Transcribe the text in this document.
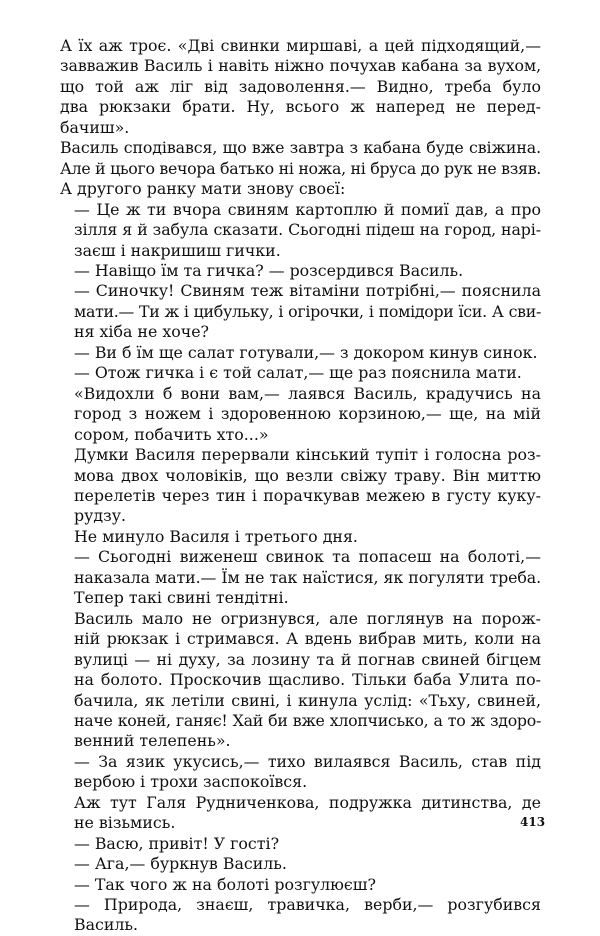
А їх аж троє. «Дві свинки миршаві, а цей підходящий,—
завважив Василь і навіть ніжно почухав кабана за вухом,
що той аж ліг від задоволення.— Видно, треба було
два рюкзаки брати. Ну, всього ж наперед не перед-
бачиш».
Василь сподівався, що вже завтра з кабана буде свіжина.
Але й цього вечора батько ні ножа, ні бруса до рук не взяв.
А другого ранку мати знову своєї:
— Це ж ти вчора свиням картоплю й помиї дав, а про
зілля я й забула сказати. Сьогодні підеш на город, нарі-
заєш і накришиш гички.
— Навіщо їм та гичка? — розсердився Василь.
— Синочку! Свиням теж вітаміни потрібні,— пояснила
мати.— Ти ж і цибульку, і огірочки, і помідори їси. А сви-
ня хіба не хоче?
— Ви б їм ще салат готували,— з докором кинув синок.
— Отож гичка і є той салат,— ще раз пояснила мати.
«Видохли б вони вам,— лаявся Василь, крадучись на
город з ножем і здоровенною корзиною,— ще, на мій
сором, побачить хто...»
Думки Василя перервали кінський тупіт і голосна роз-
мова двох чоловіків, що везли свіжу траву. Він миттю
перелетів через тин і порачкував межею в густу куку-
рудзу.
Не минуло Василя і третього дня.
— Сьогодні виженеш свинок та попасеш на болоті,—
наказала мати.— Їм не так наїстися, як погуляти треба.
Тепер такі свині тендітні.
Василь мало не огризнувся, але поглянув на порож-
ній рюкзак і стримався. А вдень вибрав мить, коли на
вулиці — ні духу, за лозину та й погнав свиней бігцем
на болото. Проскочив щасливо. Тільки баба Улита по-
бачила, як летіли свині, і кинула услід: «Тьху, свиней,
наче коней, ганяє! Хай би вже хлопчисько, а то ж здоро-
венний телепень».
— За язик укусись,— тихо вилаявся Василь, став під
вербою і трохи заспокоївся.
Аж тут Галя Рудниченкова, подружка дитинства, де
не візьмись.
— Васю, привіт! У гості?
— Ага,— буркнув Василь.
— Так чого ж на болоті розгулюєш?
— Природа, знаєш, травичка, верби,— розгубився
Василь.
413
